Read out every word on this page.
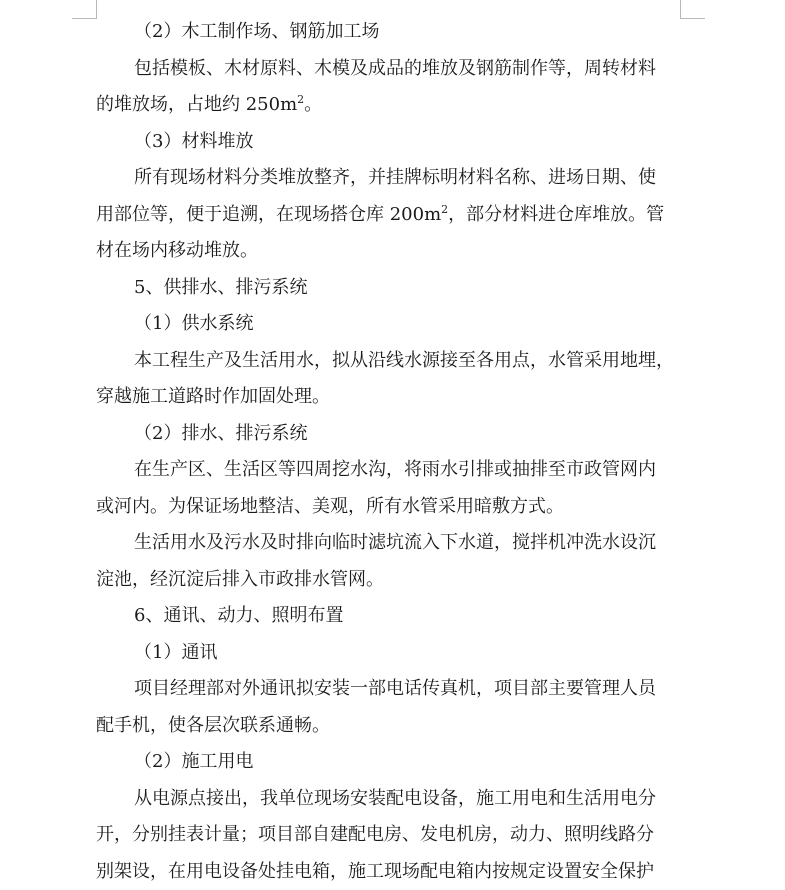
（2）木工制作场、钢筋加工场

包括模板、木材原料、木模及成品的堆放及钢筋制作等，周转材料
的堆放场，占地约 $250m^2$。

（3）材料堆放

所有现场材料分类堆放整齐，并挂牌标明材料名称、进场日期、使
用部位等，便于追溯，在现场搭仓库 $200m^2$，部分材料进仓库堆放。管
材在场内移动堆放。

5、供排水、排污系统

（1）供水系统

本工程生产及生活用水，拟从沿线水源接至各用点，水管采用地埋，
穿越施工道路时作加固处理。

（2）排水、排污系统

在生产区、生活区等四周挖水沟，将雨水引排或抽排至市政管网内
或河内。为保证场地整洁、美观，所有水管采用暗敷方式。

生活用水及污水及时排向临时滤坑流入下水道，搅拌机冲洗水设沉
淀池，经沉淀后排入市政排水管网。

6、通讯、动力、照明布置

（1）通讯

项目经理部对外通讯拟安装一部电话传真机，项目部主要管理人员
配手机，使各层次联系通畅。

（2）施工用电

从电源点接出，我单位现场安装配电设备，施工用电和生活用电分
开，分别挂表计量；项目部自建配电房、发电机房，动力、照明线路分
别架设，在用电设备处挂电箱，施工现场配电箱内按规定设置安全保护
